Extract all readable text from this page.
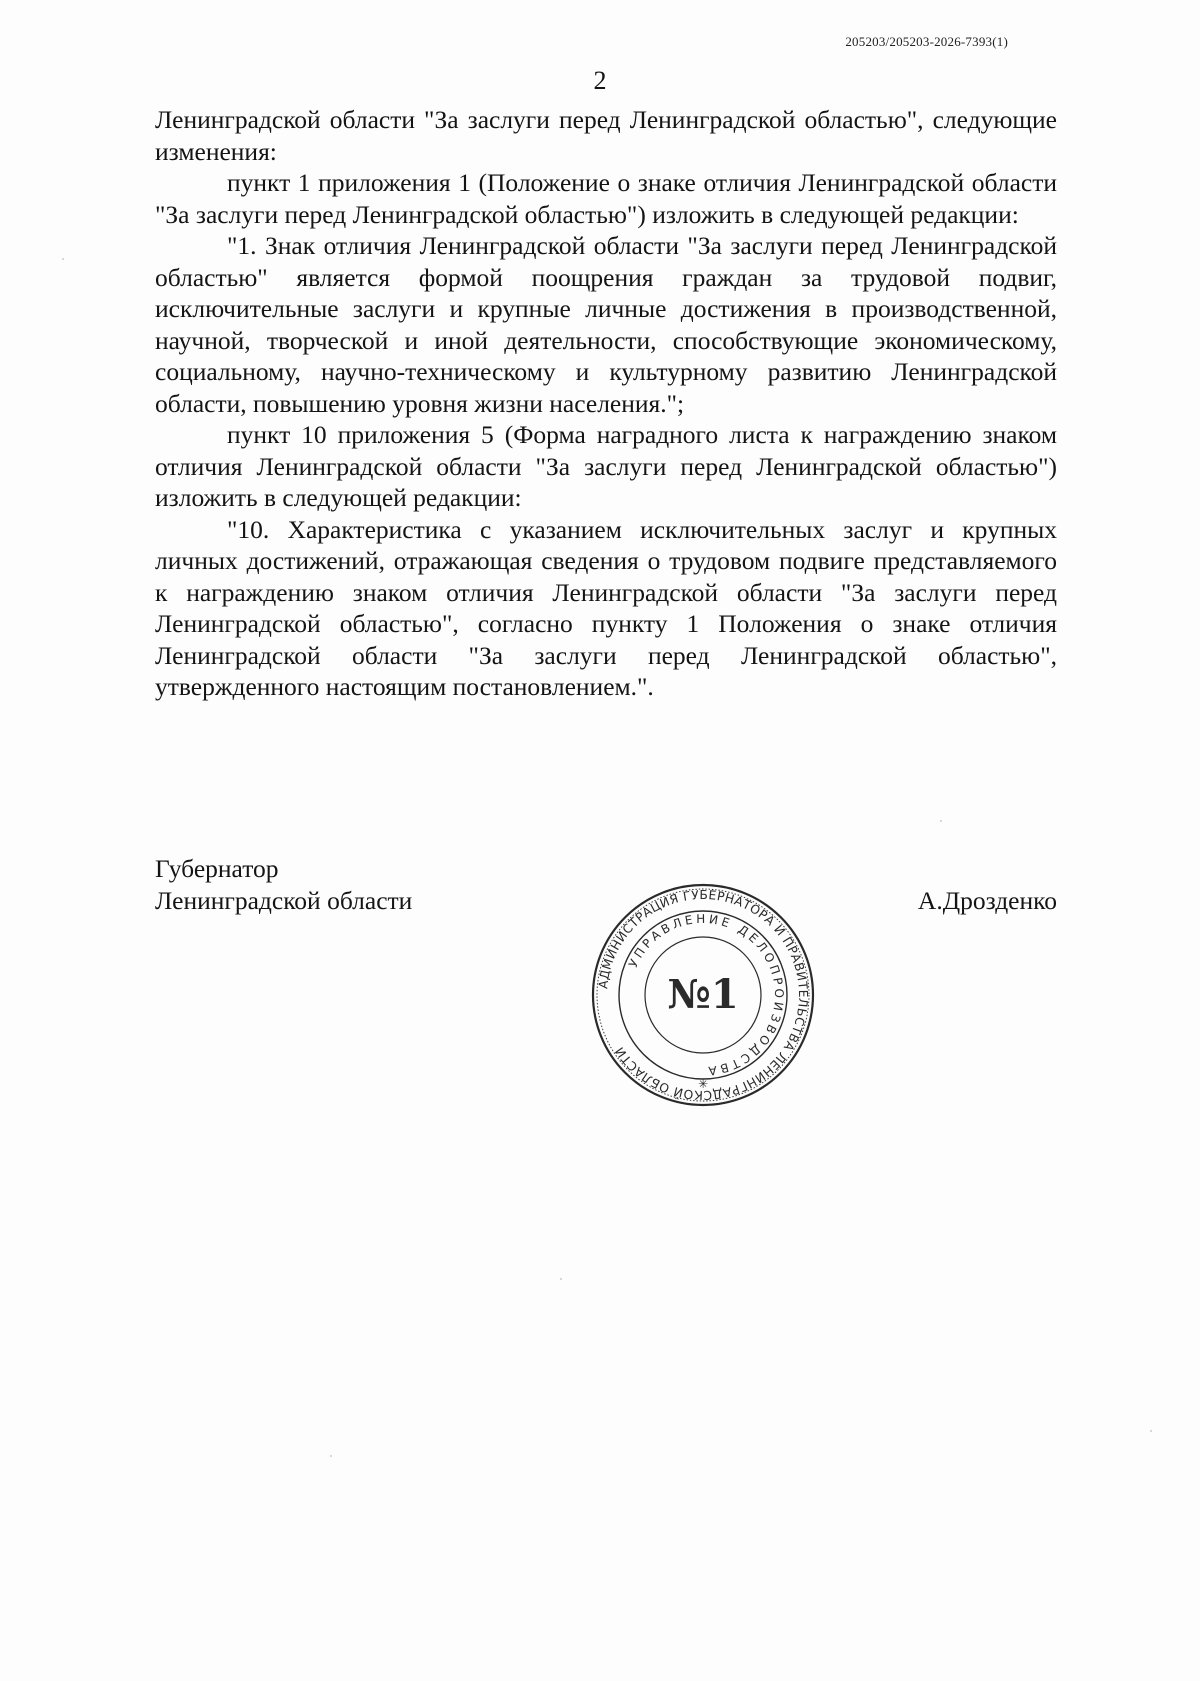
205203/205203-2026-7393(1)
2

Ленинградской области "За заслуги перед Ленинградской областью", следующие изменения:

пункт 1 приложения 1 (Положение о знаке отличия Ленинградской области "За заслуги перед Ленинградской областью") изложить в следующей редакции:

"1. Знак отличия Ленинградской области "За заслуги перед Ленинградской областью" является формой поощрения граждан за трудовой подвиг, исключительные заслуги и крупные личные достижения в производственной, научной, творческой и иной деятельности, способствующие экономическому, социальному, научно-техническому и культурному развитию Ленинградской области, повышению уровня жизни населения.";

пункт 10 приложения 5 (Форма наградного листа к награждению знаком отличия Ленинградской области "За заслуги перед Ленинградской областью") изложить в следующей редакции:

"10. Характеристика с указанием исключительных заслуг и крупных личных достижений, отражающая сведения о трудовом подвиге представляемого к награждению знаком отличия Ленинградской области "За заслуги перед Ленинградской областью", согласно пункту 1 Положения о знаке отличия Ленинградской области "За заслуги перед Ленинградской областью", утвержденного настоящим постановлением.".

Губернатор
Ленинградской области	А.Дрозденко
АДМИНИСТРАЦИЯ ГУБЕРНАТОРА И ПРАВИТЕЛЬСТВА ЛЕНИНГРАДСКОЙ ОБЛАСТИ
УПРАВЛЕНИЕ ДЕЛОПРОИЗВОДСТВА
№1
✳
